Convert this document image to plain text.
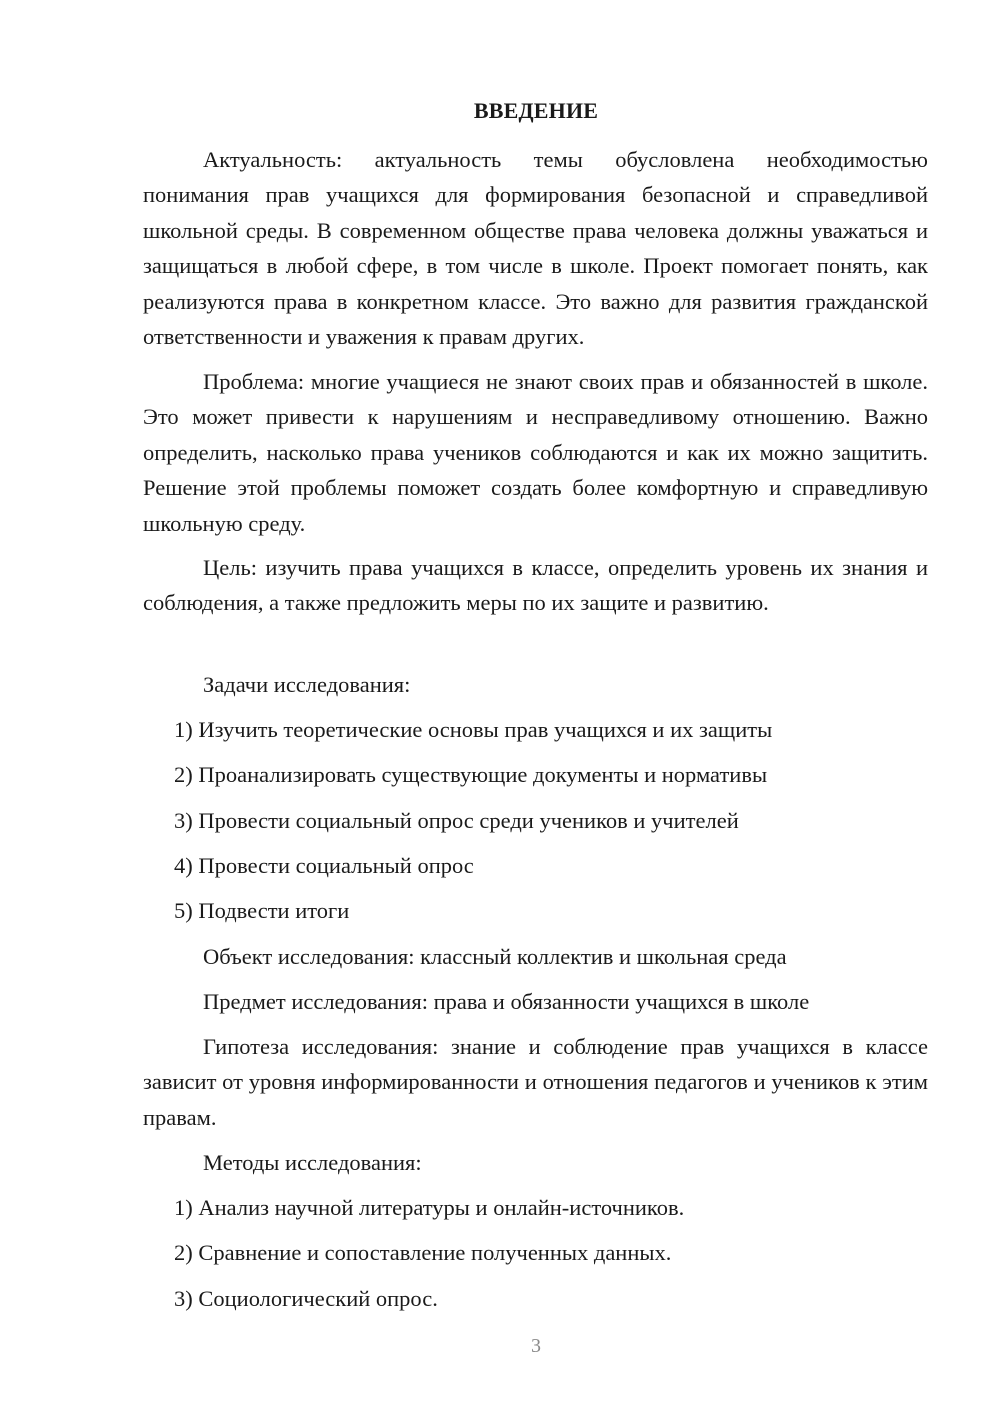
ВВЕДЕНИЕ

Актуальность: актуальность темы обусловлена необходимостью понимания прав учащихся для формирования безопасной и справедливой школьной среды. В современном обществе права человека должны уважаться и защищаться в любой сфере, в том числе в школе. Проект помогает понять, как реализуются права в конкретном классе. Это важно для развития гражданской ответственности и уважения к правам других.

Проблема: многие учащиеся не знают своих прав и обязанностей в школе. Это может привести к нарушениям и несправедливому отношению. Важно определить, насколько права учеников соблюдаются и как их можно защитить. Решение этой проблемы поможет создать более комфортную и справедливую школьную среду.

Цель: изучить права учащихся в классе, определить уровень их знания и соблюдения, а также предложить меры по их защите и развитию.

Задачи исследования:

1) Изучить теоретические основы прав учащихся и их защиты

2) Проанализировать существующие документы и нормативы

3) Провести социальный опрос среди учеников и учителей

4) Провести социальный опрос

5) Подвести итоги

Объект исследования: классный коллектив и школьная среда

Предмет исследования: права и обязанности учащихся в школе

Гипотеза исследования: знание и соблюдение прав учащихся в классе зависит от уровня информированности и отношения педагогов и учеников к этим правам.

Методы исследования:

1) Анализ научной литературы и онлайн-источников.

2) Сравнение и сопоставление полученных данных.

3) Социологический опрос.

3
